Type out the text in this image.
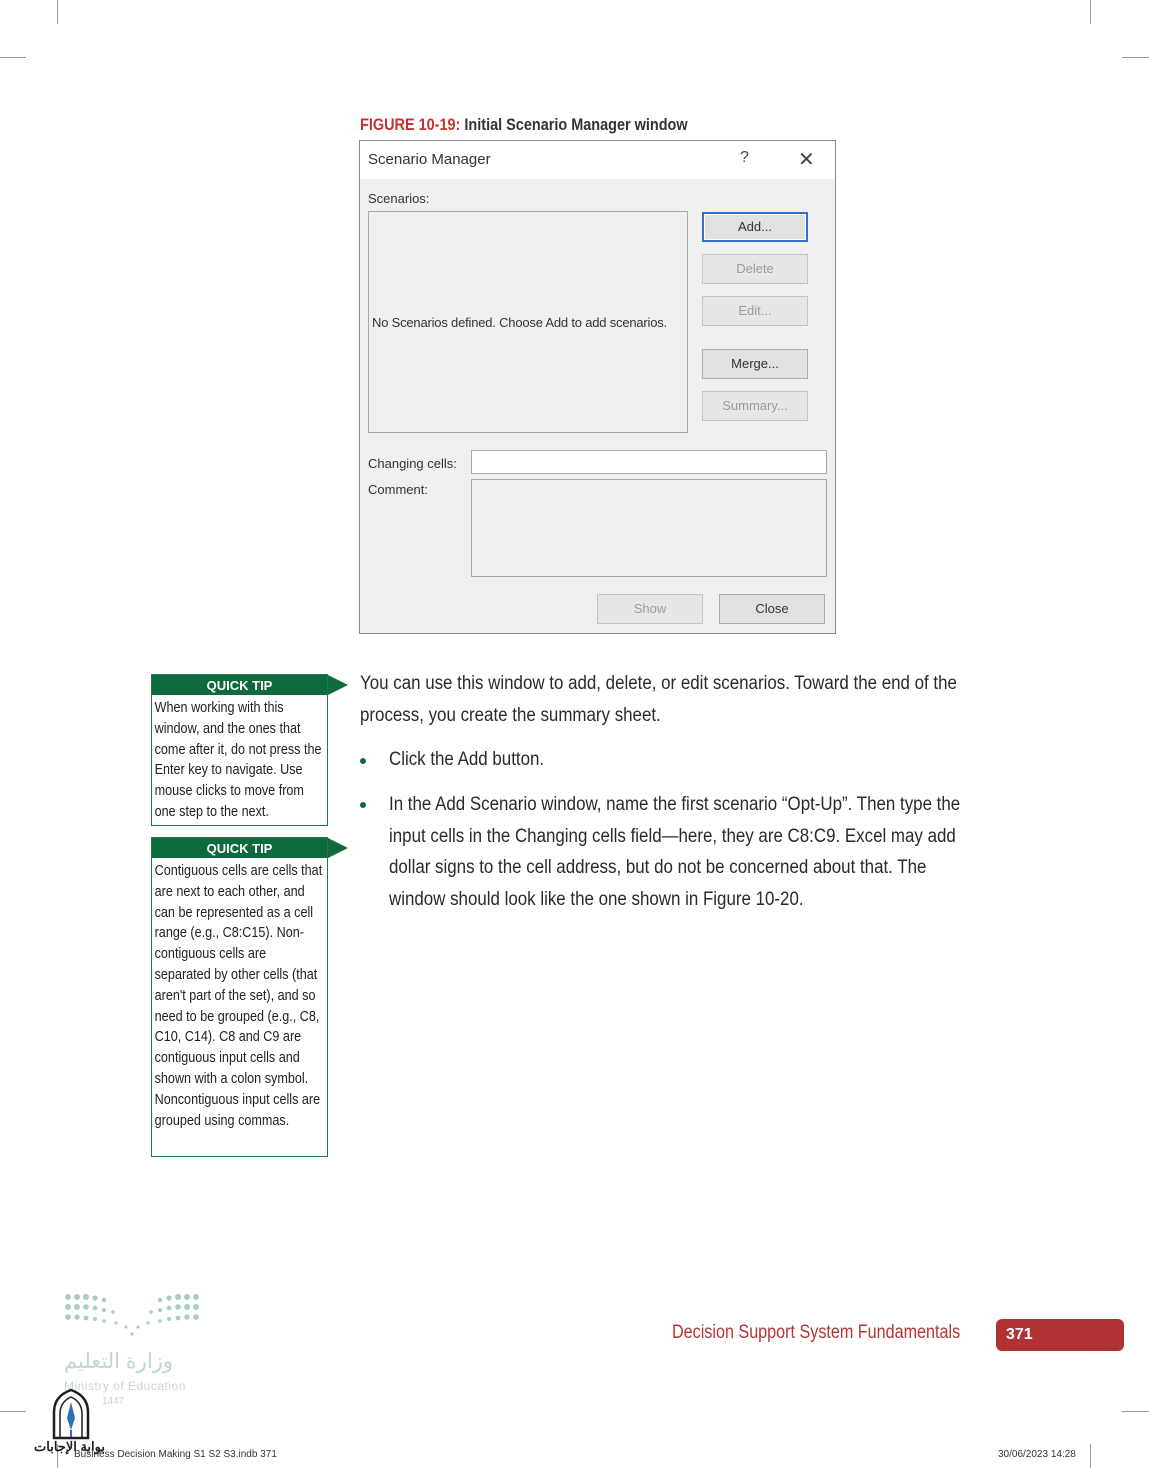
FIGURE 10-19: Initial Scenario Manager window
Scenario Manager	? ✕
Scenarios:
No Scenarios defined. Choose Add to add scenarios.
Add...
Delete
Edit...
Merge...
Summary...
Changing cells:
Comment:
Show	Close
QUICK TIP
When working with this window, and the ones that come after it, do not press the Enter key to navigate. Use mouse clicks to move from one step to the next.
QUICK TIP
Contiguous cells are cells that are next to each other, and can be represented as a cell range (e.g., C8:C15). Non-contiguous cells are separated by other cells (that aren't part of the set), and so need to be grouped (e.g., C8, C10, C14). C8 and C9 are contiguous input cells and shown with a colon symbol. Noncontiguous input cells are grouped using commas.
You can use this window to add, delete, or edit scenarios. Toward the end of the process, you create the summary sheet.
Click the Add button.
In the Add Scenario window, name the first scenario “Opt-Up”. Then type the input cells in the Changing cells field—here, they are C8:C9. Excel may add dollar signs to the cell address, but do not be concerned about that. The window should look like the one shown in Figure 10-20.
وزارة التعليم
Ministry of Education
1447
بوابة الإجابات
Decision Support System Fundamentals	371
Business Decision Making S1 S2 S3.indb 371	30/06/2023 14:28
